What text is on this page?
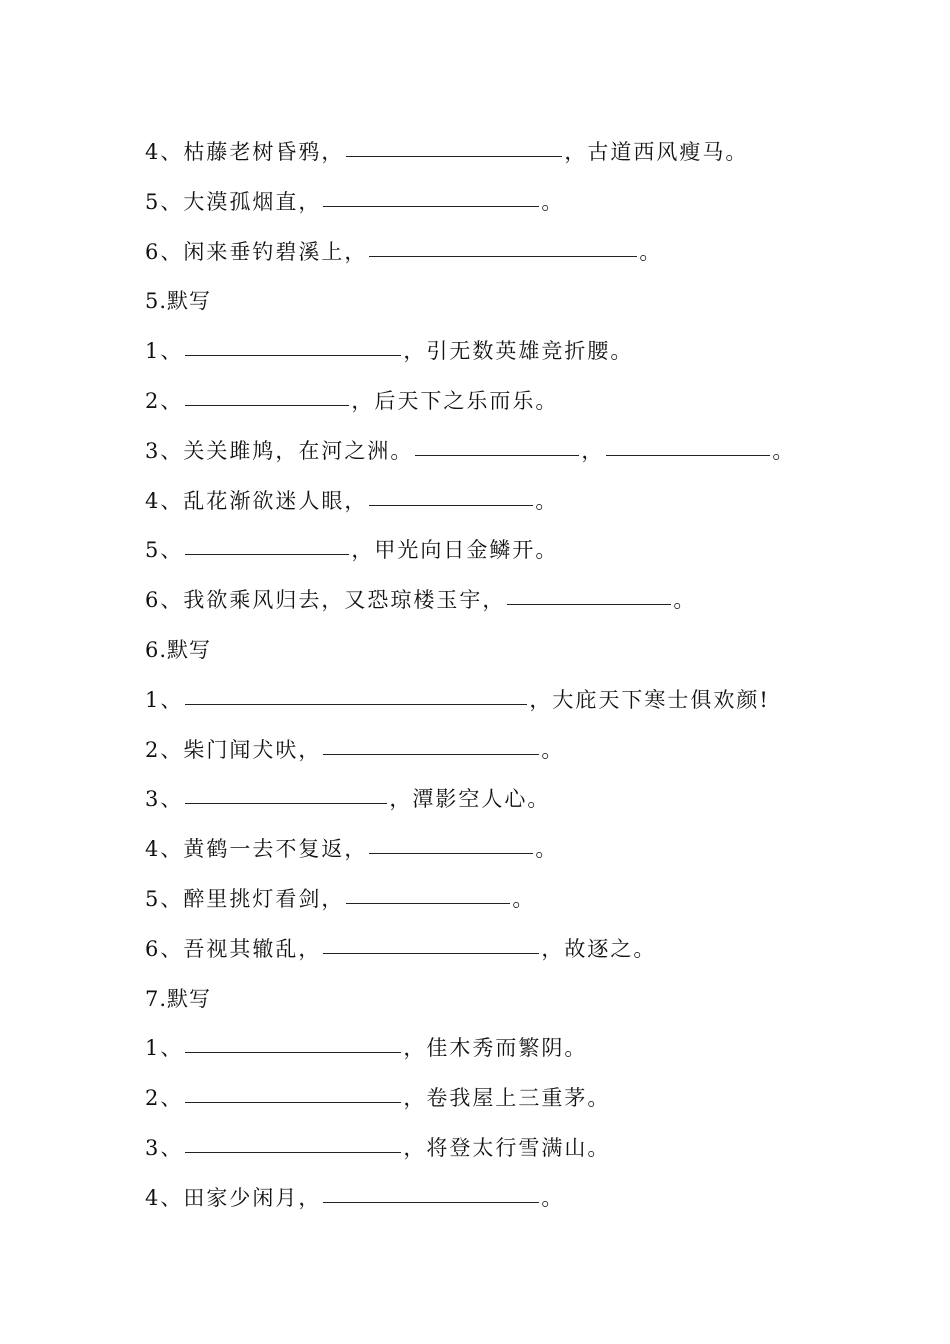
4、枯藤老树昏鸦，	，古道西风瘦马。
5、大漠孤烟直，	。
6、闲来垂钓碧溪上，	。
5.默写
1、	，引无数英雄竞折腰。
2、	，后天下之乐而乐。
3、关关雎鸠，在河之洲。	，	。
4、乱花渐欲迷人眼，	。
5、	，甲光向日金鳞开。
6、我欲乘风归去，又恐琼楼玉宇，	。
6.默写
1、	，大庇天下寒士俱欢颜!
2、柴门闻犬吠，	。
3、	，潭影空人心。
4、黄鹤一去不复返，	。
5、醉里挑灯看剑，	。
6、吾视其辙乱，	，故逐之。
7.默写
1、	，佳木秀而繁阴。
2、	，卷我屋上三重茅。
3、	，将登太行雪满山。
4、田家少闲月，	。
